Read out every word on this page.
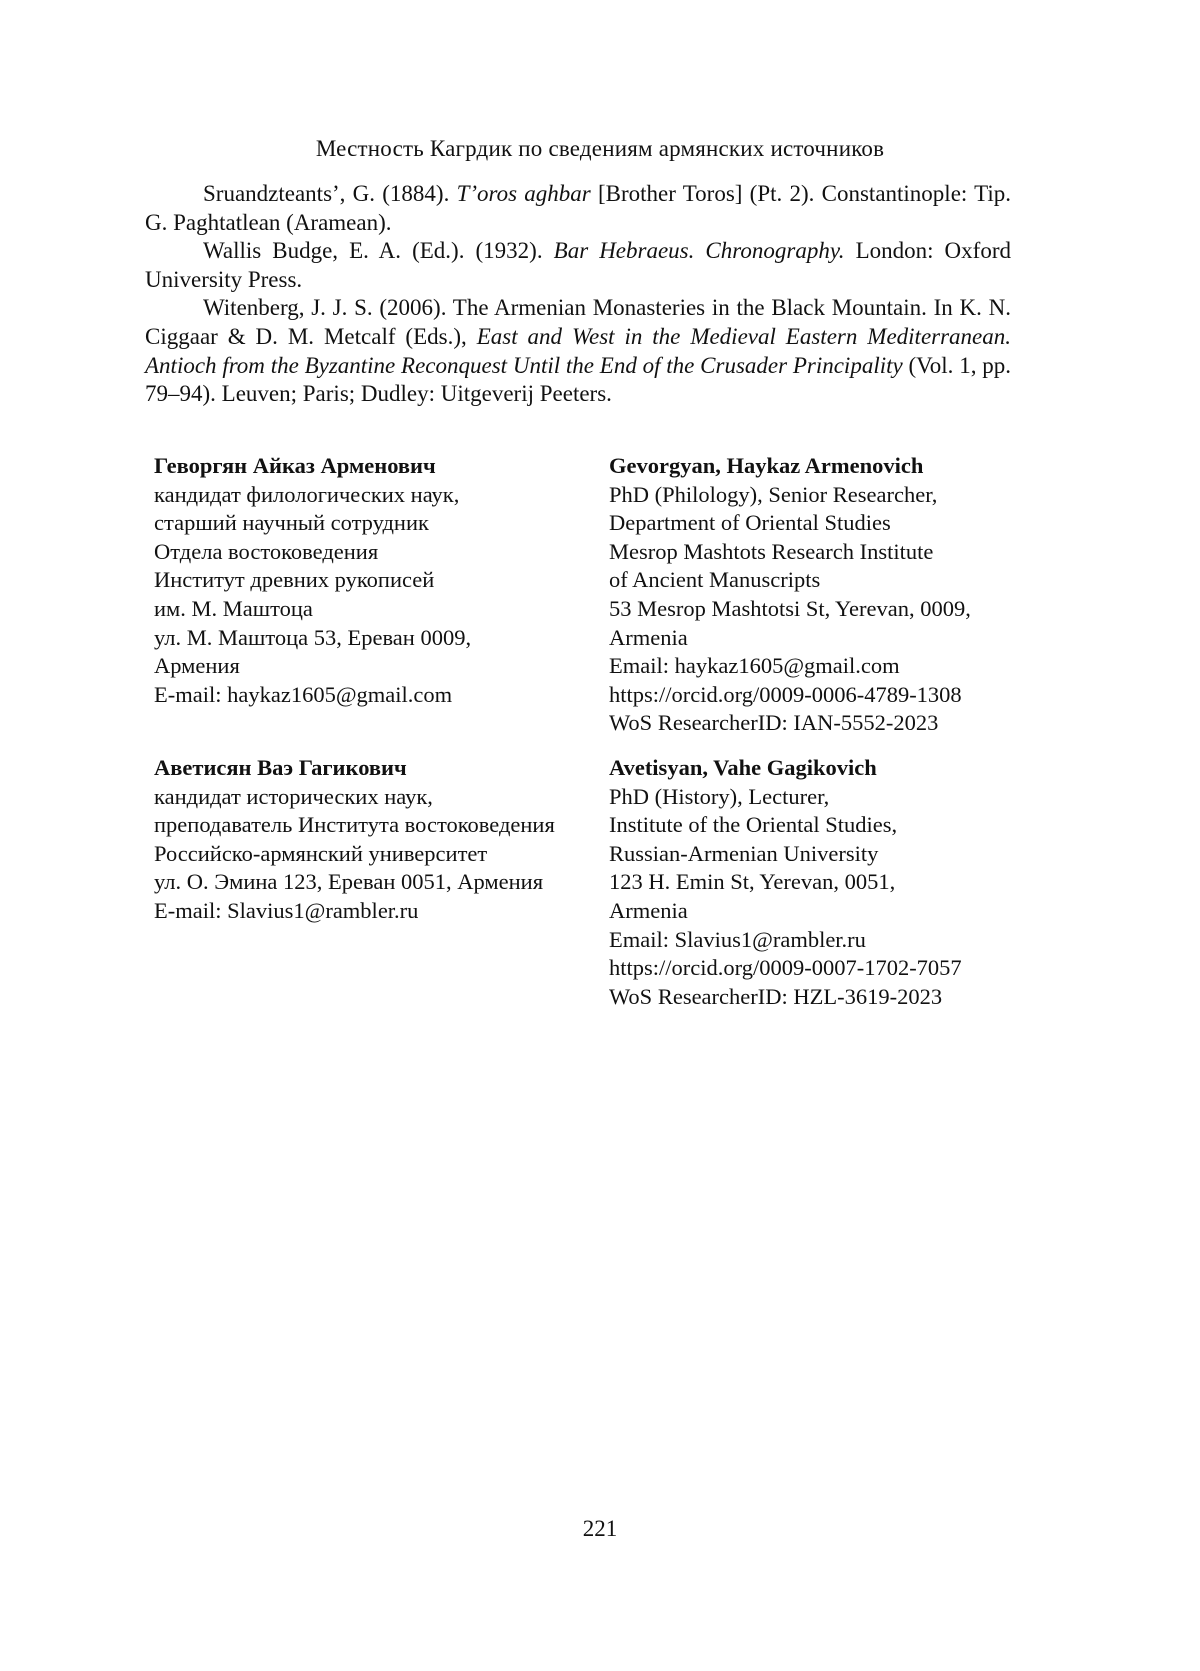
Местность Кагрдик по сведениям армянских источников

Sruandzteants’, G. (1884). T’oros aghbar [Brother Toros] (Pt. 2). Constantinople: Tip. G. Paghtatlean (Aramean).

Wallis Budge, E. A. (Ed.). (1932). Bar Hebraeus. Chronography. London: Oxford University Press.

Witenberg, J. J. S. (2006). The Armenian Monasteries in the Black Mountain. In K. N. Ciggaar & D. M. Metcalf (Eds.), East and West in the Medieval Eastern Mediterranean. Antioch from the Byzantine Reconquest Until the End of the Crusader Principality (Vol. 1, pp. 79–94). Leuven; Paris; Dudley: Uitgeverij Peeters.

Геворгян Айказ Арменович
кандидат филологических наук,
старший научный сотрудник
Отдела востоковедения
Институт древних рукописей
им. М. Маштоца
ул. М. Маштоца 53, Ереван 0009,
Армения
E-mail: haykaz1605@gmail.com
Gevorgyan, Haykaz Armenovich
PhD (Philology), Senior Researcher,
Department of Oriental Studies
Mesrop Mashtots Research Institute
of Ancient Manuscripts
53 Mesrop Mashtotsi St, Yerevan, 0009,
Armenia
Email: haykaz1605@gmail.com
https://orcid.org/0009-0006-4789-1308
WoS ResearcherID: IAN-5552-2023
Аветисян Ваэ Гагикович
кандидат исторических наук,
преподаватель Института востоковедения
Российско-армянский университет
ул. О. Эмина 123, Ереван 0051, Армения
E-mail: Slavius1@rambler.ru
Avetisyan, Vahe Gagikovich
PhD (History), Lecturer,
Institute of the Oriental Studies,
Russian-Armenian University
123 H. Emin St, Yerevan, 0051,
Armenia
Email: Slavius1@rambler.ru
https://orcid.org/0009-0007-1702-7057
WoS ResearcherID: HZL-3619-2023
221
